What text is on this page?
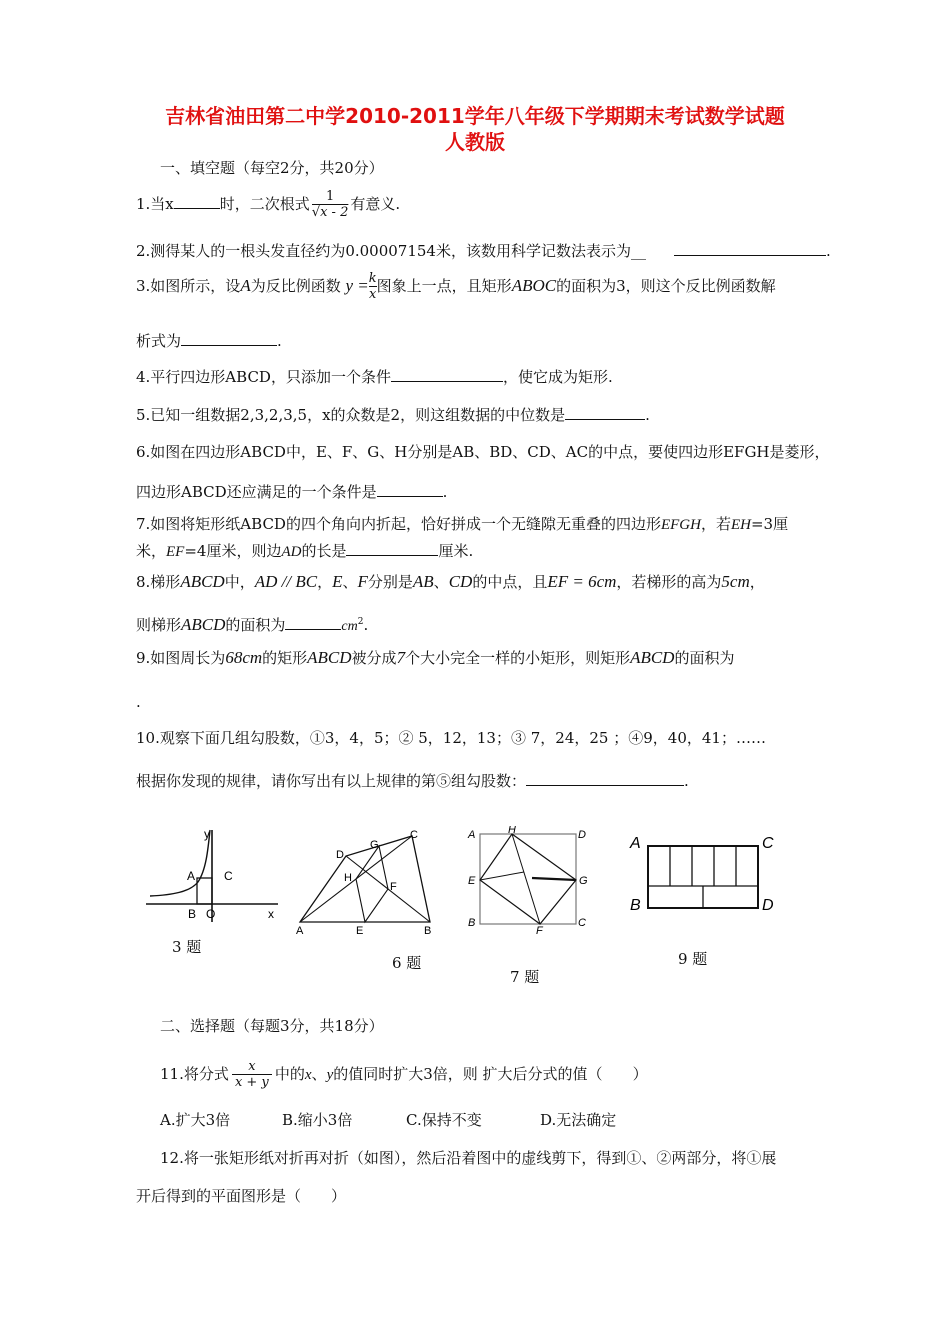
吉林省油田第二中学2010-2011学年八年级下学期期末考试数学试题
人教版
一、填空题（每空2分，共20分）
1.当x	时，二次根式 $\frac{1}{√x - 2}$ 有意义.
2.测得某人的一根头发直径约为0.00007154米，该数用科学记数法表示为__	.
3.如图所示，设A为反比例函数 $y = \frac{k}{x}$ 图象上一点，且矩形ABOC的面积为3，则这个反比例函数解
析式为	.
4.平行四边形ABCD，只添加一个条件	，使它成为矩形.
5.已知一组数据2,3,2,3,5，x的众数是2，则这组数据的中位数是	.
6.如图在四边形ABCD中，E、F、G、H分别是AB、BD、CD、AC的中点，要使四边形EFGH是菱形，
四边形ABCD还应满足的一个条件是	.
7.如图将矩形纸ABCD的四个角向内折起，恰好拼成一个无缝隙无重叠的四边形EFGH，若EH=3厘
米，EF=4厘米，则边AD的长是	厘米.
8.梯形ABCD中，AD // BC，E、F分别是AB、CD的中点，且EF = 6cm，若梯形的高为5cm，
则梯形ABCD的面积为	$cm^2$.
9.如图周长为68cm的矩形ABCD被分成7个大小完全一样的小矩形，则矩形ABCD的面积为
.
10.观察下面几组勾股数，①3，4，5；② 5，12，13；③ 7，24，25 ；④9，40，41；……
根据你发现的规律，请你写出有以上规律的第⑤组勾股数：	.
y
A C
B O	x
3 题
C
D
G
H
F
A	E	B
6 题
A	H	D
E	G
B
F
C
7 题
A	C
B	D
9 题
二、选择题（每题3分，共18分）
11.将分式 $\frac{x}{x + y}$ 中的x、y的值同时扩大3倍，则 扩大后分式的值（ ）
A.扩大3倍	B.缩小3倍	C.保持不变	D.无法确定
12.将一张矩形纸对折再对折（如图），然后沿着图中的虚线剪下，得到①、②两部分，将①展
开后得到的平面图形是（　　）
